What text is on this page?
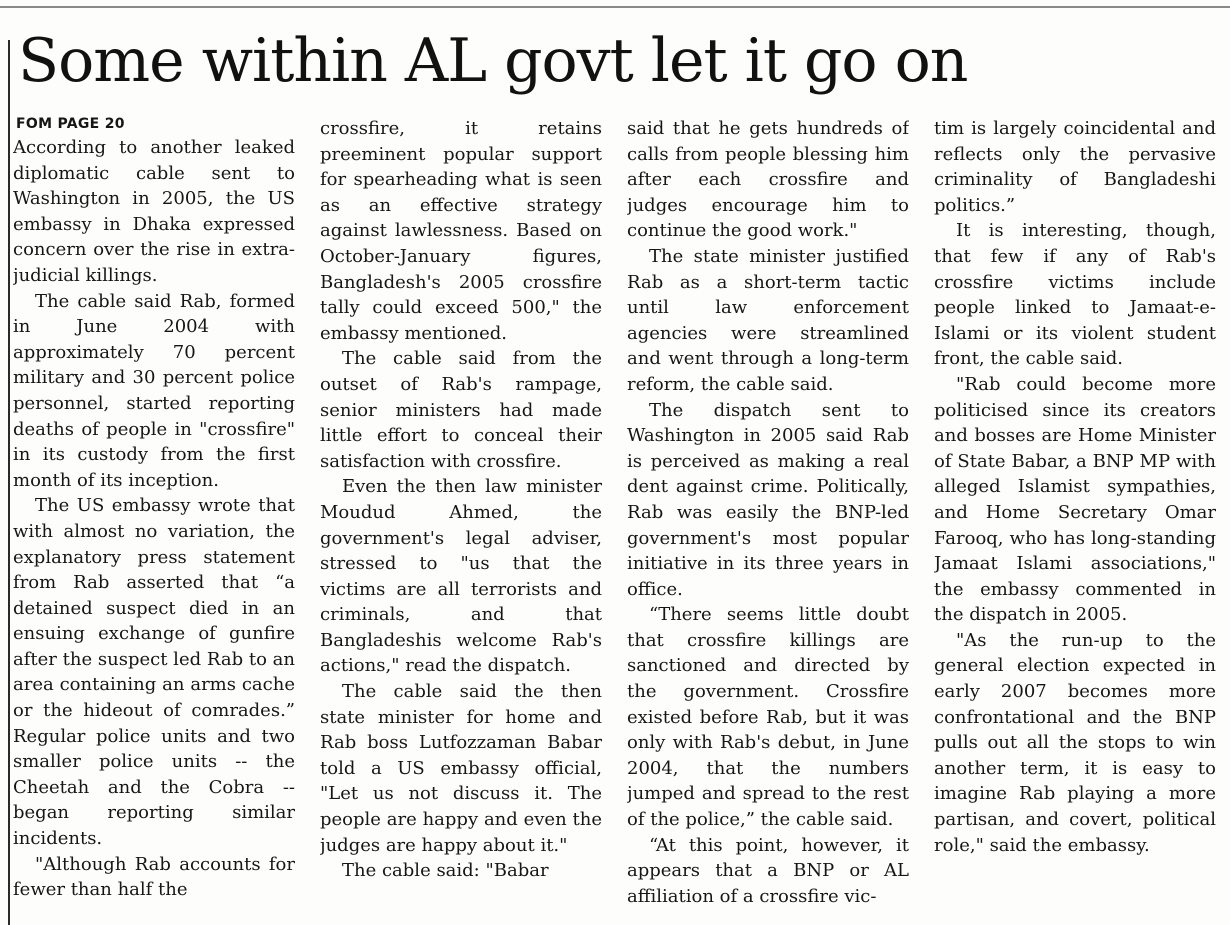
Some within AL govt let it go on
FOM PAGE 20

According to another leaked diplomatic cable sent to Washington in 2005, the US embassy in Dhaka expressed concern over the rise in extra-judicial killings.

The cable said Rab, formed in June 2004 with approximately 70 percent military and 30 percent police personnel, started reporting deaths of people in "crossfire" in its custody from the first month of its inception.

The US embassy wrote that with almost no variation, the explanatory press statement from Rab asserted that “a detained suspect died in an ensuing exchange of gunfire after the suspect led Rab to an area containing an arms cache or the hideout of comrades.” Regular police units and two smaller police units -- the Cheetah and the Cobra -- began reporting similar incidents.

"Although Rab accounts for fewer than half the

crossfire, it retains preeminent popular support for spearheading what is seen as an effective strategy against lawlessness. Based on October-January figures, Bangladesh's 2005 crossfire tally could exceed 500," the embassy mentioned.

The cable said from the outset of Rab's rampage, senior ministers had made little effort to conceal their satisfaction with crossfire.

Even the then law minister Moudud Ahmed, the government's legal adviser, stressed to "us that the victims are all terrorists and criminals, and that Bangladeshis welcome Rab's actions," read the dispatch.

The cable said the then state minister for home and Rab boss Lutfozzaman Babar told a US embassy official, "Let us not discuss it. The people are happy and even the judges are happy about it."

The cable said: "Babar

said that he gets hundreds of calls from people blessing him after each crossfire and judges encourage him to continue the good work."

The state minister justified Rab as a short-term tactic until law enforcement agencies were streamlined and went through a long-term reform, the cable said.

The dispatch sent to Washington in 2005 said Rab is perceived as making a real dent against crime. Politically, Rab was easily the BNP-led government's most popular initiative in its three years in office.

“There seems little doubt that crossfire killings are sanctioned and directed by the government. Crossfire existed before Rab, but it was only with Rab's debut, in June 2004, that the numbers jumped and spread to the rest of the police,” the cable said.

“At this point, however, it appears that a BNP or AL affiliation of a crossfire vic-

tim is largely coincidental and reflects only the pervasive criminality of Bangladeshi politics.”

It is interesting, though, that few if any of Rab's crossfire victims include people linked to Jamaat-e-Islami or its violent student front, the cable said.

"Rab could become more politicised since its creators and bosses are Home Minister of State Babar, a BNP MP with alleged Islamist sympathies, and Home Secretary Omar Farooq, who has long-standing Jamaat Islami associations," the embassy commented in the dispatch in 2005.

"As the run-up to the general election expected in early 2007 becomes more confrontational and the BNP pulls out all the stops to win another term, it is easy to imagine Rab playing a more partisan, and covert, political role," said the embassy.
